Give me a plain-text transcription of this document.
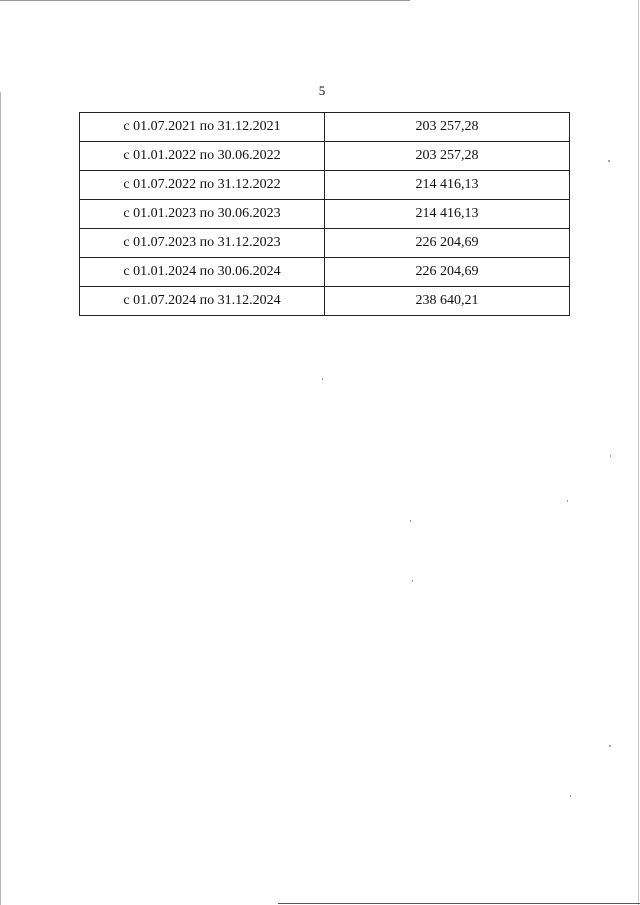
5
с 01.07.2021 по 31.12.2021	203 257,28
с 01.01.2022 по 30.06.2022	203 257,28
с 01.07.2022 по 31.12.2022	214 416,13
с 01.01.2023 по 30.06.2023	214 416,13
с 01.07.2023 по 31.12.2023	226 204,69
с 01.01.2024 по 30.06.2024	226 204,69
с 01.07.2024 по 31.12.2024	238 640,21
